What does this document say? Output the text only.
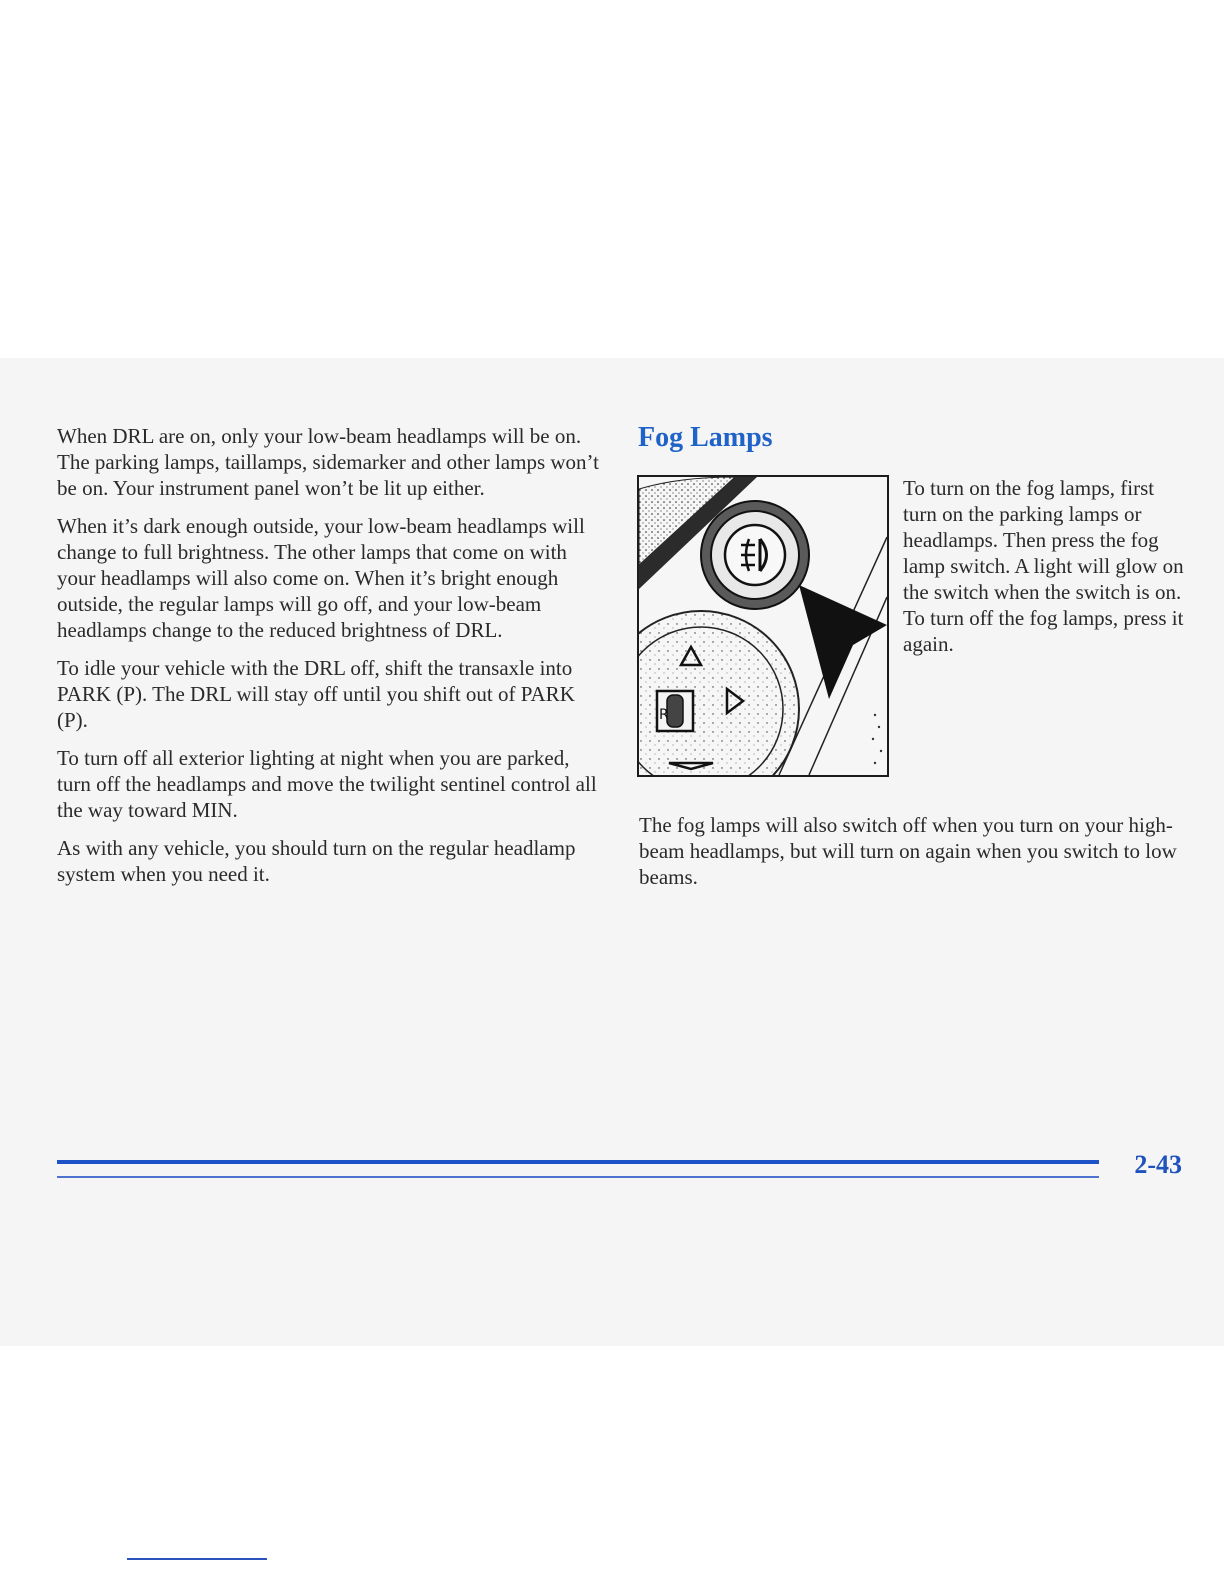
When DRL are on, only your low-beam headlamps will be on. The parking lamps, taillamps, sidemarker and other lamps won’t be on. Your instrument panel won’t be lit up either.

When it’s dark enough outside, your low-beam headlamps will change to full brightness. The other lamps that come on with your headlamps will also come on. When it’s bright enough outside, the regular lamps will go off, and your low-beam headlamps change to the reduced brightness of DRL.

To idle your vehicle with the DRL off, shift the transaxle into PARK (P). The DRL will stay off until you shift out of PARK (P).

To turn off all exterior lighting at night when you are parked, turn off the headlamps and move the twilight sentinel control all the way toward MIN.

As with any vehicle, you should turn on the regular headlamp system when you need it.

Fog Lamps
R

To turn on the fog lamps, first turn on the parking lamps or headlamps. Then press the fog lamp switch. A light will glow on the switch when the switch is on. To turn off the fog lamps, press it again.

The fog lamps will also switch off when you turn on your high-beam headlamps, but will turn on again when you switch to low beams.

2-43
